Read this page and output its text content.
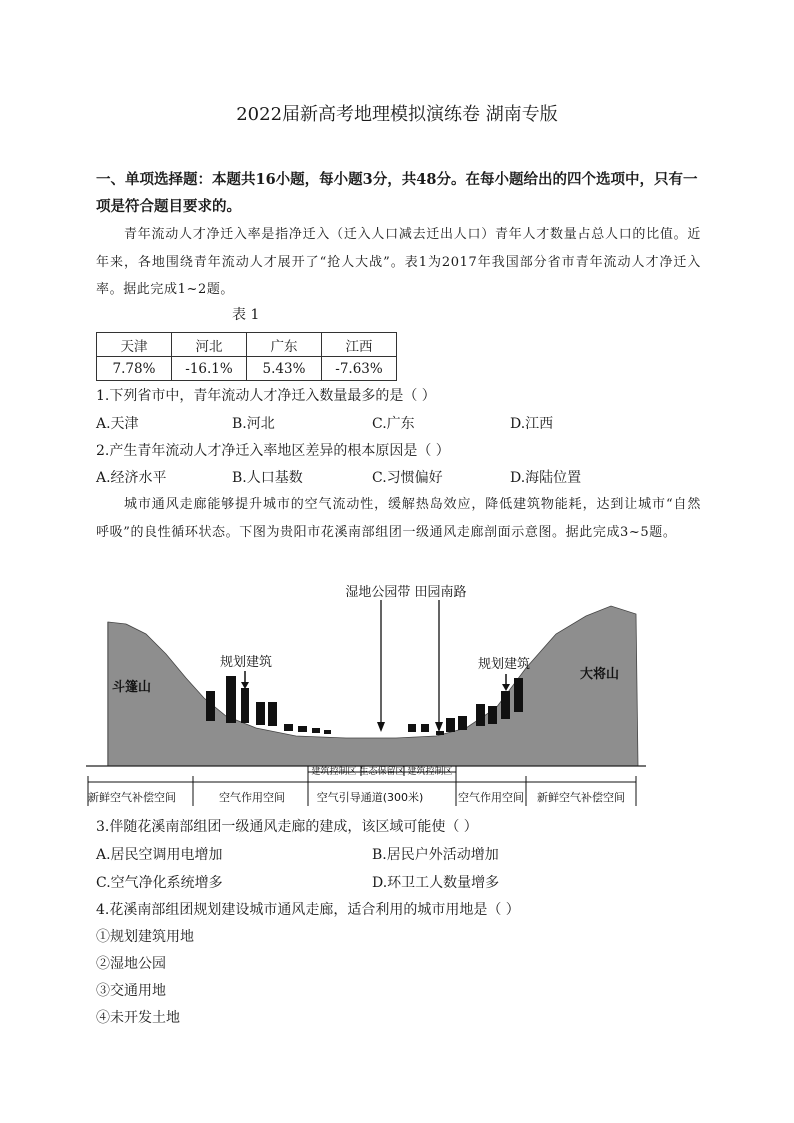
2022届新高考地理模拟演练卷 湖南专版
一、单项选择题：本题共16小题，每小题3分，共48分。在每小题给出的四个选项中，只有一项是符合题目要求的。
青年流动人才净迁入率是指净迁入（迁入人口减去迁出人口）青年人才数量占总人口的比值。近年来，各地围绕青年流动人才展开了“抢人大战”。表1为2017年我国部分省市青年流动人才净迁入率。据此完成1~2题。
表 1
天津	河北	广东	江西
7.78%	-16.1%	5.43%	-7.63%
1.下列省市中，青年流动人才净迁入数量最多的是（ ）
A.天津	B.河北	C.广东	D.江西
2.产生青年流动人才净迁入率地区差异的根本原因是（ ）
A.经济水平	B.人口基数	C.习惯偏好	D.海陆位置
城市通风走廊能够提升城市的空气流动性，缓解热岛效应，降低建筑物能耗，达到让城市“自然呼吸”的良性循环状态。下图为贵阳市花溪南部组团一级通风走廊剖面示意图。据此完成3~5题。
湿地公园带 田园南路
斗篷山
大将山
规划建筑	规划建筑
建筑控制区 生态保留区 建筑控制区
新鲜空气补偿空间	空气作用空间	空气引导通道(300米)	空气作用空间 新鲜空气补偿空间
3.伴随花溪南部组团一级通风走廊的建成，该区域可能使（ ）
A.居民空调用电增加	B.居民户外活动增加
C.空气净化系统增多	D.环卫工人数量增多
4.花溪南部组团规划建设城市通风走廊，适合利用的城市用地是（ ）
①规划建筑用地
②湿地公园
③交通用地
④未开发土地
